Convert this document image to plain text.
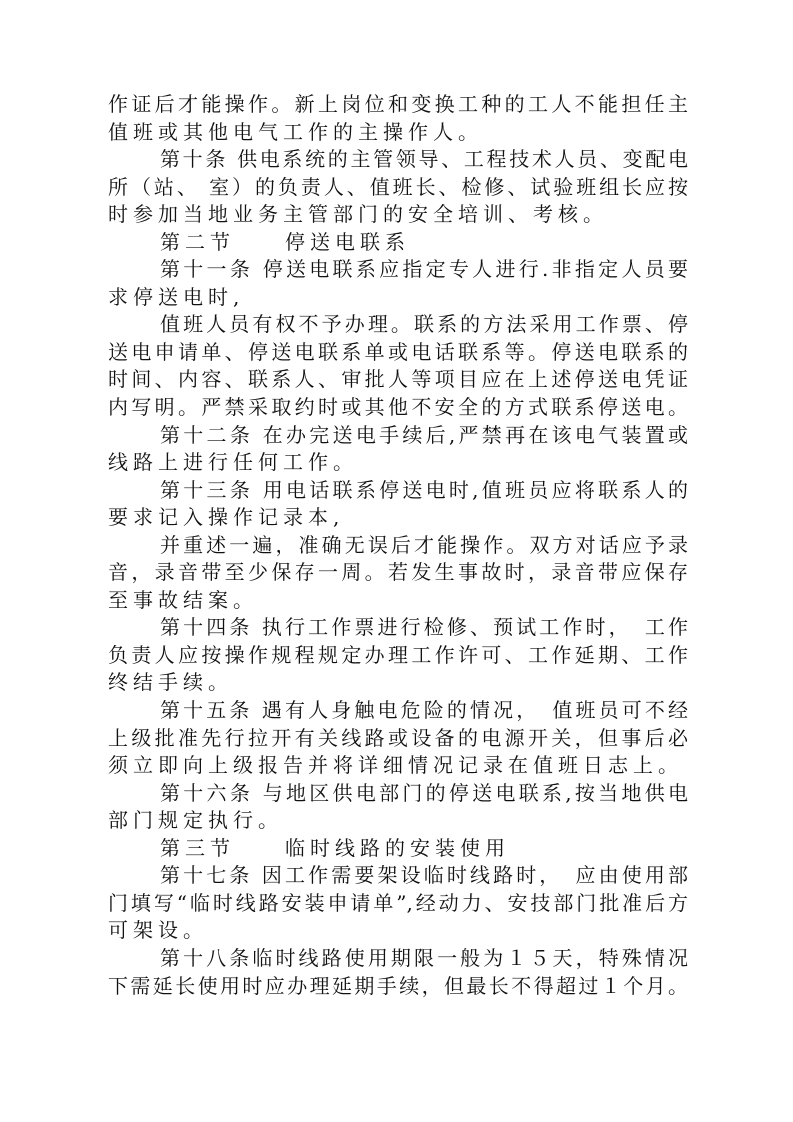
作证后才能操作。新上岗位和变换工种的工人不能担任主
值班或其他电气工作的主操作人。
第十条 供电系统的主管领导、工程技术人员、变配电
所（站、 室）的负责人、值班长、检修、试验班组长应按
时参加当地业务主管部门的安全培训、考核。
第二节　　停送电联系
第十一条 停送电联系应指定专人进行.非指定人员要
求停送电时,
值班人员有权不予办理。联系的方法采用工作票、停
送电申请单、停送电联系单或电话联系等。停送电联系的
时间、内容、联系人、审批人等项目应在上述停送电凭证
内写明。严禁采取约时或其他不安全的方式联系停送电。
第十二条 在办完送电手续后,严禁再在该电气装置或
线路上进行任何工作。
第十三条 用电话联系停送电时,值班员应将联系人的
要求记入操作记录本,
并重述一遍，准确无误后才能操作。双方对话应予录
音，录音带至少保存一周。若发生事故时，录音带应保存
至事故结案。
第十四条 执行工作票进行检修、预试工作时，　工作
负责人应按操作规程规定办理工作许可、工作延期、工作
终结手续。
第十五条 遇有人身触电危险的情况，　值班员可不经
上级批准先行拉开有关线路或设备的电源开关，但事后必
须立即向上级报告并将详细情况记录在值班日志上。
第十六条 与地区供电部门的停送电联系,按当地供电
部门规定执行。
第三节　　临时线路的安装使用
第十七条 因工作需要架设临时线路时，　应由使用部
门填写“临时线路安装申请单”,经动力、安技部门批准后方
可架设。
第十八条临时线路使用期限一般为１５天，特殊情况
下需延长使用时应办理延期手续，但最长不得超过１个月。
